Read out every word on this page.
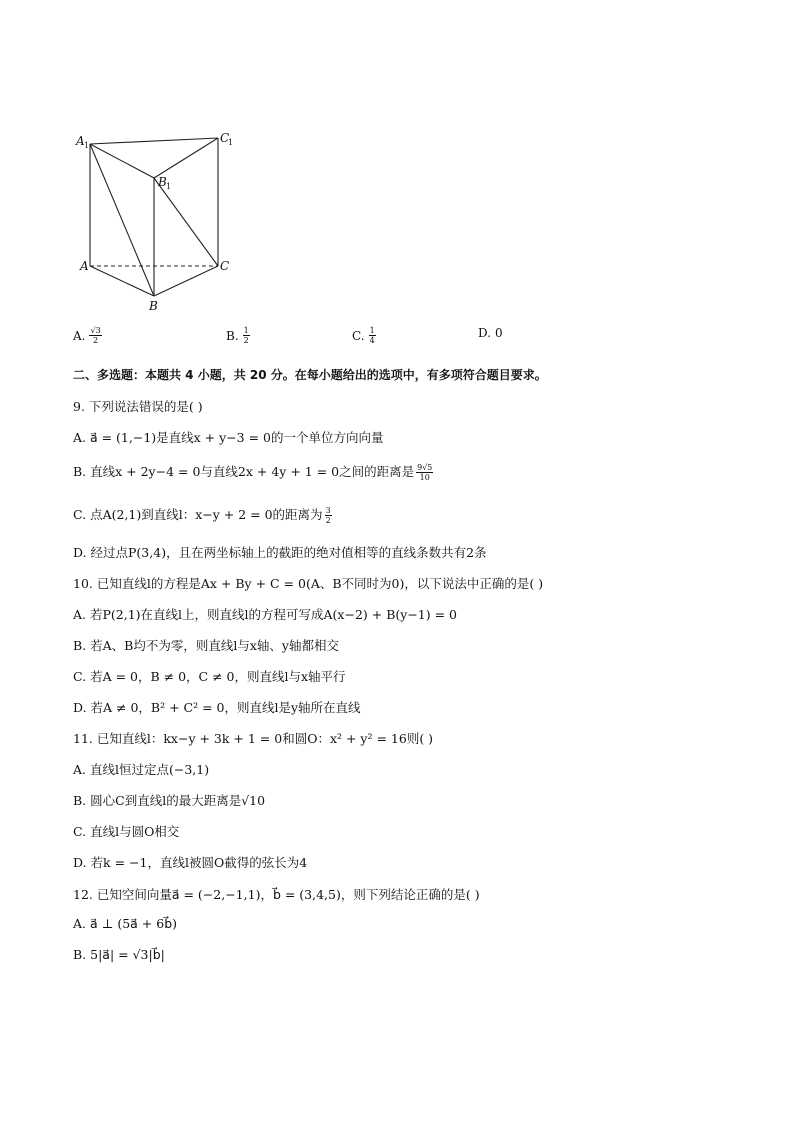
A 1
C
1
B 1
A	C
B
A. $\frac{√3}{2}$	B. $\frac{1}{2}$	C. $\frac{1}{4}$	D. 0
二、多选题：本题共 4 小题，共 20 分。在每小题给出的选项中，有多项符合题目要求。
9. 下列说法错误的是( )
A. a⃗ = (1,−1)是直线x + y−3 = 0的一个单位方向向量
B. 直线x + 2y−4 = 0与直线2x + 4y + 1 = 0之间的距离是 $\frac{9√5}{10}$
C. 点A(2,1)到直线l：x−y + 2 = 0的距离为 $\frac{3}{2}$
D. 经过点P(3,4)，且在两坐标轴上的截距的绝对值相等的直线条数共有2条
10. 已知直线l的方程是Ax + By + C = 0(A、B不同时为0)，以下说法中正确的是( )
A. 若P(2,1)在直线l上，则直线l的方程可写成A(x−2) + B(y−1) = 0
B. 若A、B均不为零，则直线l与x轴、y轴都相交
C. 若A = 0，B ≠ 0，C ≠ 0，则直线l与x轴平行
D. 若A ≠ 0，B² + C² = 0，则直线l是y轴所在直线
11. 已知直线l：kx−y + 3k + 1 = 0和圆O：x² + y² = 16则( )
A. 直线l恒过定点(−3,1)
B. 圆心C到直线l的最大距离是√10
C. 直线l与圆O相交
D. 若k = −1，直线l被圆O截得的弦长为4
12. 已知空间向量a⃗ = (−2,−1,1)，b⃗ = (3,4,5)，则下列结论正确的是( )
A. a⃗ ⊥ (5a⃗ + 6b⃗)
B. 5|a⃗| = √3|b⃗|
